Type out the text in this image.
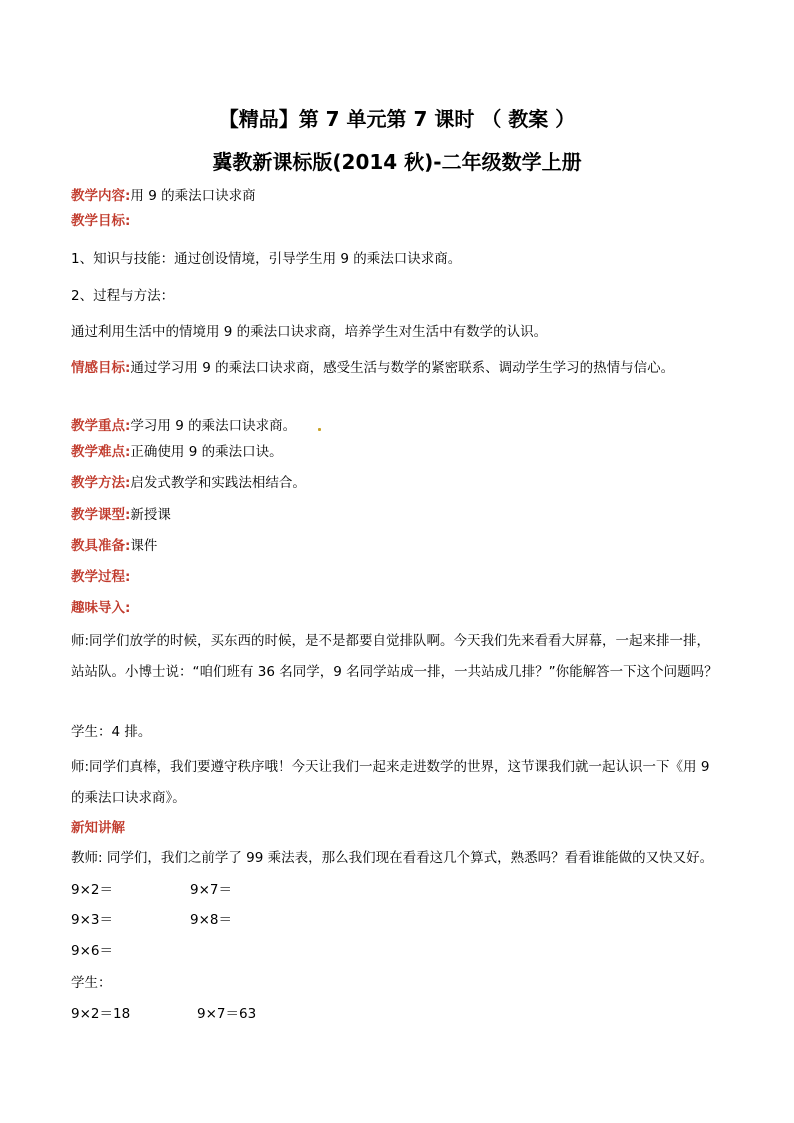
【精品】第 7 单元第 7 课时 （ 教案 ）
冀教新课标版(2014 秋)-二年级数学上册
教学内容:用 9 的乘法口诀求商
教学目标:
1、知识与技能：通过创设情境，引导学生用 9 的乘法口诀求商。
2、过程与方法：
通过利用生活中的情境用 9 的乘法口诀求商，培养学生对生活中有数学的认识。
情感目标:通过学习用 9 的乘法口诀求商，感受生活与数学的紧密联系、调动学生学习的热情与信心。
教学重点:学习用 9 的乘法口诀求商。
教学难点:正确使用 9 的乘法口诀。
教学方法:启发式教学和实践法相结合。
教学课型:新授课
教具准备:课件
教学过程:
趣味导入:
师:同学们放学的时候，买东西的时候，是不是都要自觉排队啊。今天我们先来看看大屏幕，一起来排一排，站站队。小博士说：“咱们班有 36 名同学，9 名同学站成一排，一共站成几排？”你能解答一下这个问题吗？
学生：4 排。
师:同学们真棒，我们要遵守秩序哦！今天让我们一起来走进数学的世界，这节课我们就一起认识一下《用 9 的乘法口诀求商》。
新知讲解
教师: 同学们，我们之前学了 99 乘法表，那么我们现在看看这几个算式，熟悉吗？看看谁能做的又快又好。
9×2＝	9×7＝
9×3＝	9×8＝
9×6＝
学生：
9×2＝18	9×7＝63
